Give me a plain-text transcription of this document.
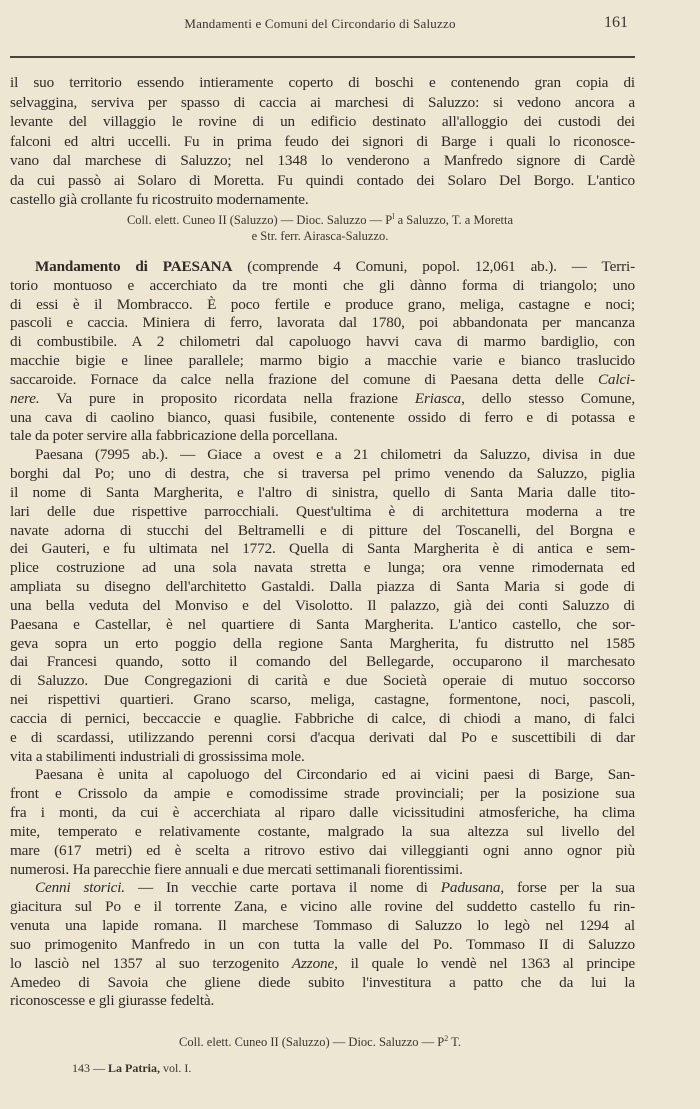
Mandamenti e Comuni del Circondario di Saluzzo	161
il suo territorio essendo intieramente coperto di boschi e contenendo gran copia di
selvaggina, serviva per spasso di caccia ai marchesi di Saluzzo: si vedono ancora a
levante del villaggio le rovine di un edificio destinato all'alloggio dei custodi dei
falconi ed altri uccelli. Fu in prima feudo dei signori di Barge i quali lo riconosce-
vano dal marchese di Saluzzo; nel 1348 lo venderono a Manfredo signore di Cardè
da cui passò ai Solaro di Moretta. Fu quindi contado dei Solaro Del Borgo. L'antico
castello già crollante fu ricostruito modernamente.
Mandamento di PAESANA (comprende 4 Comuni, popol. 12,061 ab.). — Terri-
torio montuoso e accerchiato da tre monti che gli dànno forma di triangolo; uno
di essi è il Mombracco. È poco fertile e produce grano, meliga, castagne e noci;
pascoli e caccia. Miniera di ferro, lavorata dal 1780, poi abbandonata per mancanza
di combustibile. A 2 chilometri dal capoluogo havvi cava di marmo bardiglio, con
macchie bigie e linee parallele; marmo bigio a macchie varie e bianco traslucido
saccaroide. Fornace da calce nella frazione del comune di Paesana detta delle Calci-
nere. Va pure in proposito ricordata nella frazione Eriasca, dello stesso Comune,
una cava di caolino bianco, quasi fusibile, contenente ossido di ferro e di potassa e
tale da poter servire alla fabbricazione della porcellana.
Paesana (7995 ab.). — Giace a ovest e a 21 chilometri da Saluzzo, divisa in due
borghi dal Po; uno di destra, che si traversa pel primo venendo da Saluzzo, piglia
il nome di Santa Margherita, e l'altro di sinistra, quello di Santa Maria dalle tito-
lari delle due rispettive parrocchiali. Quest'ultima è di architettura moderna a tre
navate adorna di stucchi del Beltramelli e di pitture del Toscanelli, del Borgna e
dei Gauteri, e fu ultimata nel 1772. Quella di Santa Margherita è di antica e sem-
plice costruzione ad una sola navata stretta e lunga; ora venne rimodernata ed
ampliata su disegno dell'architetto Gastaldi. Dalla piazza di Santa Maria si gode di
una bella veduta del Monviso e del Visolotto. Il palazzo, già dei conti Saluzzo di
Paesana e Castellar, è nel quartiere di Santa Margherita. L'antico castello, che sor-
geva sopra un erto poggio della regione Santa Margherita, fu distrutto nel 1585
dai Francesi quando, sotto il comando del Bellegarde, occuparono il marchesato
di Saluzzo. Due Congregazioni di carità e due Società operaie di mutuo soccorso
nei rispettivi quartieri. Grano scarso, meliga, castagne, formentone, noci, pascoli,
caccia di pernici, beccaccie e quaglie. Fabbriche di calce, di chiodi a mano, di falci
e di scardassi, utilizzando perenni corsi d'acqua derivati dal Po e suscettibili di dar
vita a stabilimenti industriali di grossissima mole.
Paesana è unita al capoluogo del Circondario ed ai vicini paesi di Barge, San-
front e Crissolo da ampie e comodissime strade provinciali; per la posizione sua
fra i monti, da cui è accerchiata al riparo dalle vicissitudini atmosferiche, ha clima
mite, temperato e relativamente costante, malgrado la sua altezza sul livello del
mare (617 metri) ed è scelta a ritrovo estivo dai villeggianti ogni anno ognor più
numerosi. Ha parecchie fiere annuali e due mercati settimanali fiorentissimi.
Cenni storici. — In vecchie carte portava il nome di Padusana, forse per la sua
giacitura sul Po e il torrente Zana, e vicino alle rovine del suddetto castello fu rin-
venuta una lapide romana. Il marchese Tommaso di Saluzzo lo legò nel 1294 al
suo primogenito Manfredo in un con tutta la valle del Po. Tommaso II di Saluzzo
lo lasciò nel 1357 al suo terzogenito Azzone, il quale lo vendè nel 1363 al principe
Amedeo di Savoia che gliene diede subito l'investitura a patto che da lui la
riconoscesse e gli giurasse fedeltà.
Coll. elett. Cuneo II (Saluzzo) — Dioc. Saluzzo — $P^l$ a Saluzzo, T. a Moretta
e Str. ferr. Airasca-Saluzzo.
Coll. elett. Cuneo II (Saluzzo) — Dioc. Saluzzo — $P^2$ T.
143 — La Patria, vol. I.
